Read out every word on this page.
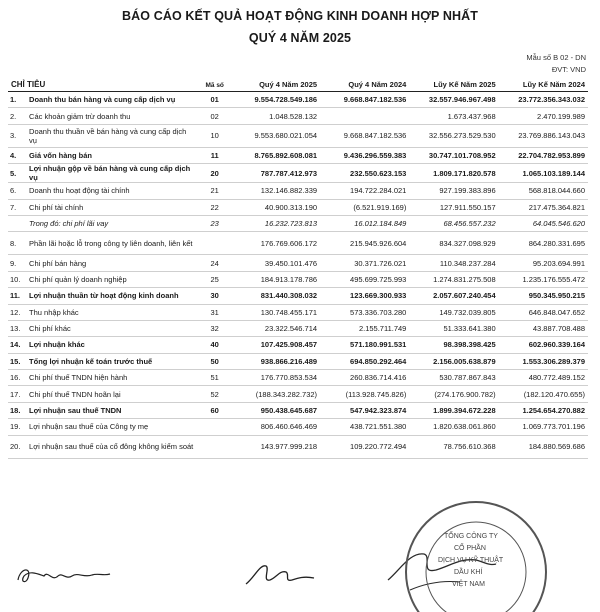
BÁO CÁO KẾT QUẢ HOẠT ĐỘNG KINH DOANH HỢP NHẤT
QUÝ 4 NĂM 2025
Mẫu số B 02 - DN
ĐVT: VND
CHỈ TIÊU		Mã số	Quý 4 Năm 2025	Quý 4 Năm 2024	Lũy Kế Năm 2025	Lũy Kế Năm 2024
1.	Doanh thu bán hàng và cung cấp dịch vụ	01	9.554.728.549.186	9.668.847.182.536	32.557.946.967.498	23.772.356.343.032
2.	Các khoản giảm trừ doanh thu	02	1.048.528.132		1.673.437.968	2.470.199.989
3.	Doanh thu thuần về bán hàng và cung cấp dịch vụ	10	9.553.680.021.054	9.668.847.182.536	32.556.273.529.530	23.769.886.143.043
4.	Giá vốn hàng bán	11	8.765.892.608.081	9.436.296.559.383	30.747.101.708.952	22.704.782.953.899
5.	Lợi nhuận gộp về bán hàng và cung cấp dịch vụ	20	787.787.412.973	232.550.623.153	1.809.171.820.578	1.065.103.189.144
6.	Doanh thu hoạt động tài chính	21	132.146.882.339	194.722.284.021	927.199.383.896	568.818.044.660
7.	Chi phí tài chính	22	40.900.313.190	(6.521.919.169)	127.911.550.157	217.475.364.821
	Trong đó: chi phí lãi vay	23	16.232.723.813	16.012.184.849	68.456.557.232	64.045.546.620
8.	Phần lãi hoặc lỗ trong công ty liên doanh, liên kết		176.769.606.172	215.945.926.604	834.327.098.929	864.280.331.695
9.	Chi phí bán hàng	24	39.450.101.476	30.371.726.021	110.348.237.284	95.203.694.991
10.	Chi phí quản lý doanh nghiệp	25	184.913.178.786	495.699.725.993	1.274.831.275.508	1.235.176.555.472
11.	Lợi nhuận thuần từ hoạt động kinh doanh	30	831.440.308.032	123.669.300.933	2.057.607.240.454	950.345.950.215
12.	Thu nhập khác	31	130.748.455.171	573.336.703.280	149.732.039.805	646.848.047.652
13.	Chi phí khác	32	23.322.546.714	2.155.711.749	51.333.641.380	43.887.708.488
14.	Lợi nhuận khác	40	107.425.908.457	571.180.991.531	98.398.398.425	602.960.339.164
15.	Tổng lợi nhuận kế toán trước thuế	50	938.866.216.489	694.850.292.464	2.156.005.638.879	1.553.306.289.379
16.	Chi phí thuế TNDN hiện hành	51	176.770.853.534	260.836.714.416	530.787.867.843	480.772.489.152
17.	Chi phí thuế TNDN hoãn lại	52	(188.343.282.732)	(113.928.745.826)	(274.176.900.782)	(182.120.470.655)
18.	Lợi nhuận sau thuế TNDN	60	950.438.645.687	547.942.323.874	1.899.394.672.228	1.254.654.270.882
19.	Lợi nhuận sau thuế của Công ty mẹ		806.460.646.469	438.721.551.380	1.820.638.061.860	1.069.773.701.196
20.	Lợi nhuận sau thuế của cổ đông không kiểm soát		143.977.999.218	109.220.772.494	78.756.610.368	184.880.569.686
TỔNG CÔNG TY
CỔ PHẦN
DỊCH VỤ KỸ THUẬT
DẦU KHÍ
VIỆT NAM
